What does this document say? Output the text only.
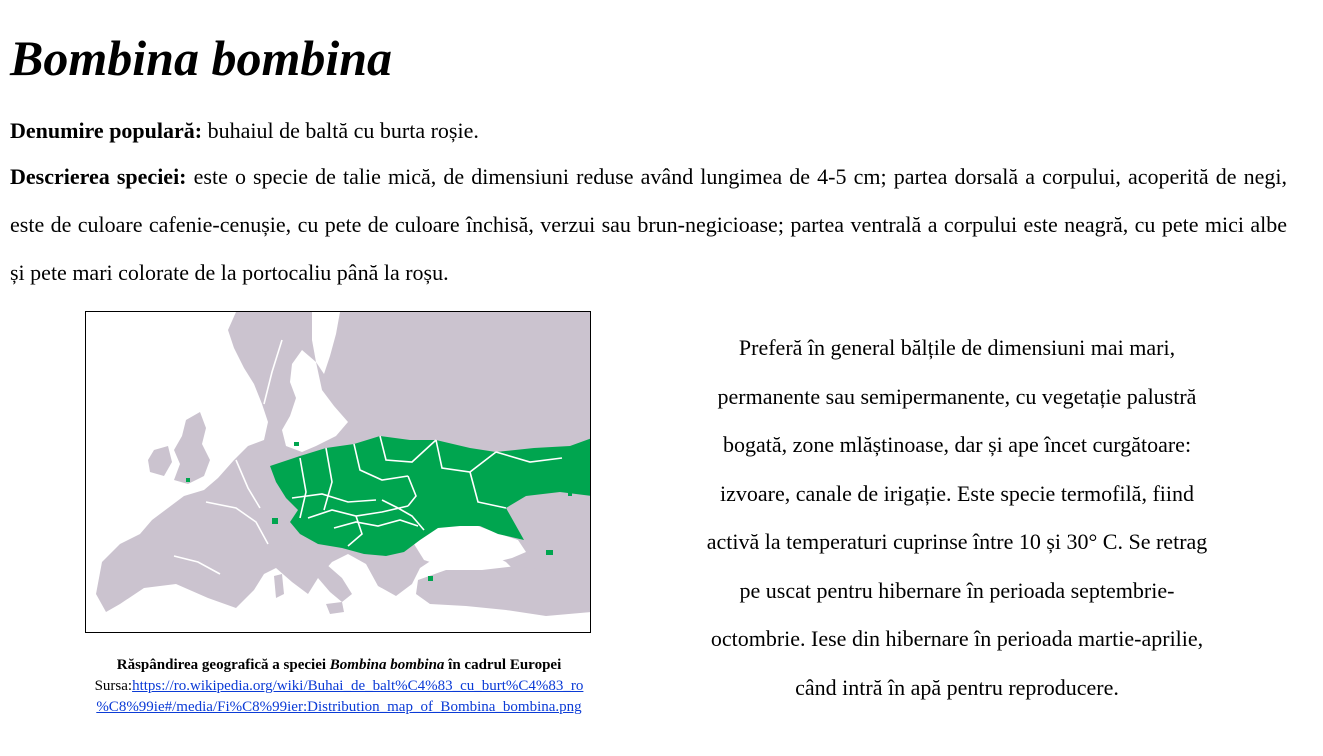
Bombina bombina

Denumire populară: buhaiul de baltă cu burta roșie.

Descrierea speciei: este o specie de talie mică, de dimensiuni reduse având lungimea de 4-5 cm; partea dorsală a corpului, acoperită de negi, este de culoare cafenie-cenușie, cu pete de culoare închisă, verzui sau brun-negicioase; partea ventrală a corpului este neagră, cu pete mici albe și pete mari colorate de la portocaliu până la roșu.

Răspândirea geografică a speciei Bombina bombina în cadrul Europei
Sursa:https://ro.wikipedia.org/wiki/Buhai_de_balt%C4%83_cu_burt%C4%83_ro
%C8%99ie#/media/Fi%C8%99ier:Distribution_map_of_Bombina_bombina.png

Preferă în general bălțile de dimensiuni mai mari,
permanente sau semipermanente, cu vegetație palustră
bogată, zone mlăștinoase, dar și ape încet curgătoare:
izvoare, canale de irigație. Este specie termofilă, fiind
activă la temperaturi cuprinse între 10 și 30° C. Se retrag
pe uscat pentru hibernare în perioada septembrie-
octombrie. Iese din hibernare în perioada martie-aprilie,
când intră în apă pentru reproducere.
